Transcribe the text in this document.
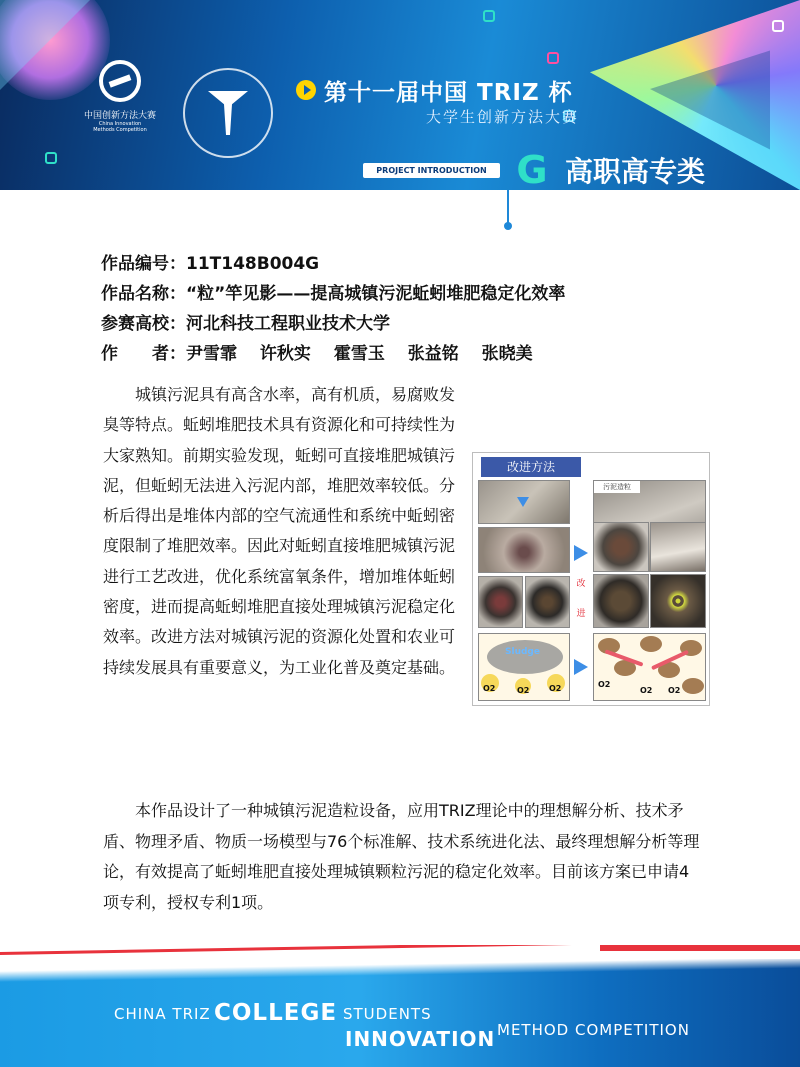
中国创新方法大赛
China Innovation
Methods Competition
第十一届中国 TRIZ 杯
大学生创新方法大赛
PROJECT INTRODUCTION G 高职高专类
作品编号：11T148B004G
作品名称：“粒”竿见影——提高城镇污泥蚯蚓堆肥稳定化效率
参赛高校：河北科技工程职业技术大学
作　　者：尹雪霏　 许秋实　 霍雪玉　 张益铭　 张晓美

城镇污泥具有高含水率，高有机质，易腐败发臭等特点。蚯蚓堆肥技术具有资源化和可持续性为大家熟知。前期实验发现，蚯蚓可直接堆肥城镇污泥，但蚯蚓无法进入污泥内部，堆肥效率较低。分析后得出是堆体内部的空气流通性和系统中蚯蚓密度限制了堆肥效率。因此对蚯蚓直接堆肥城镇污泥进行工艺改进，优化系统富氧条件，增加堆体蚯蚓密度，进而提高蚯蚓堆肥直接处理城镇污泥稳定化效率。改进方法对城镇污泥的资源化处置和农业可持续发展具有重要意义，为工业化普及奠定基础。

改进方法
污泥造粒
改
进
Sludge
O2	O2 O2	O2
O2 O2

本作品设计了一种城镇污泥造粒设备，应用TRIZ理论中的理想解分析、技术矛盾、物理矛盾、物质一场模型与76个标准解、技术系统进化法、最终理想解分析等理论，有效提高了蚯蚓堆肥直接处理城镇颗粒污泥的稳定化效率。目前该方案已申请4项专利，授权专利1项。

CHINA TRIZ COLLEGE STUDENTS
INNOVATION METHOD COMPETITION
